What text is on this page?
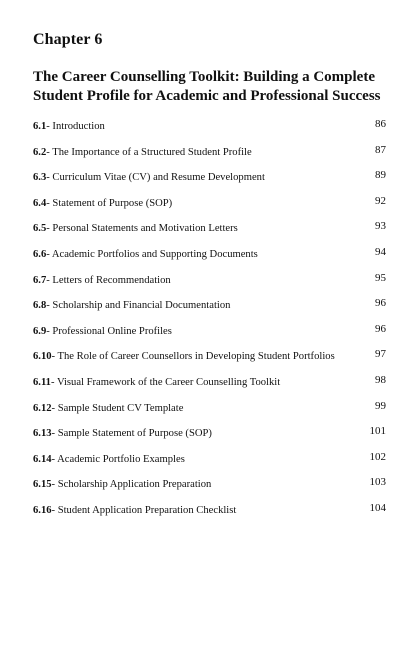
Chapter 6
The Career Counselling Toolkit: Building a Complete Student Profile for Academic and Professional Success
6.1- Introduction	86
6.2- The Importance of a Structured Student Profile	87
6.3- Curriculum Vitae (CV) and Resume Development	89
6.4- Statement of Purpose (SOP)	92
6.5- Personal Statements and Motivation Letters	93
6.6- Academic Portfolios and Supporting Documents	94
6.7- Letters of Recommendation	95
6.8- Scholarship and Financial Documentation	96
6.9- Professional Online Profiles	96
6.10- The Role of Career Counsellors in Developing Student Portfolios	97
6.11- Visual Framework of the Career Counselling Toolkit	98
6.12- Sample Student CV Template	99
6.13- Sample Statement of Purpose (SOP)	101
6.14- Academic Portfolio Examples	102
6.15- Scholarship Application Preparation	103
6.16- Student Application Preparation Checklist	104
